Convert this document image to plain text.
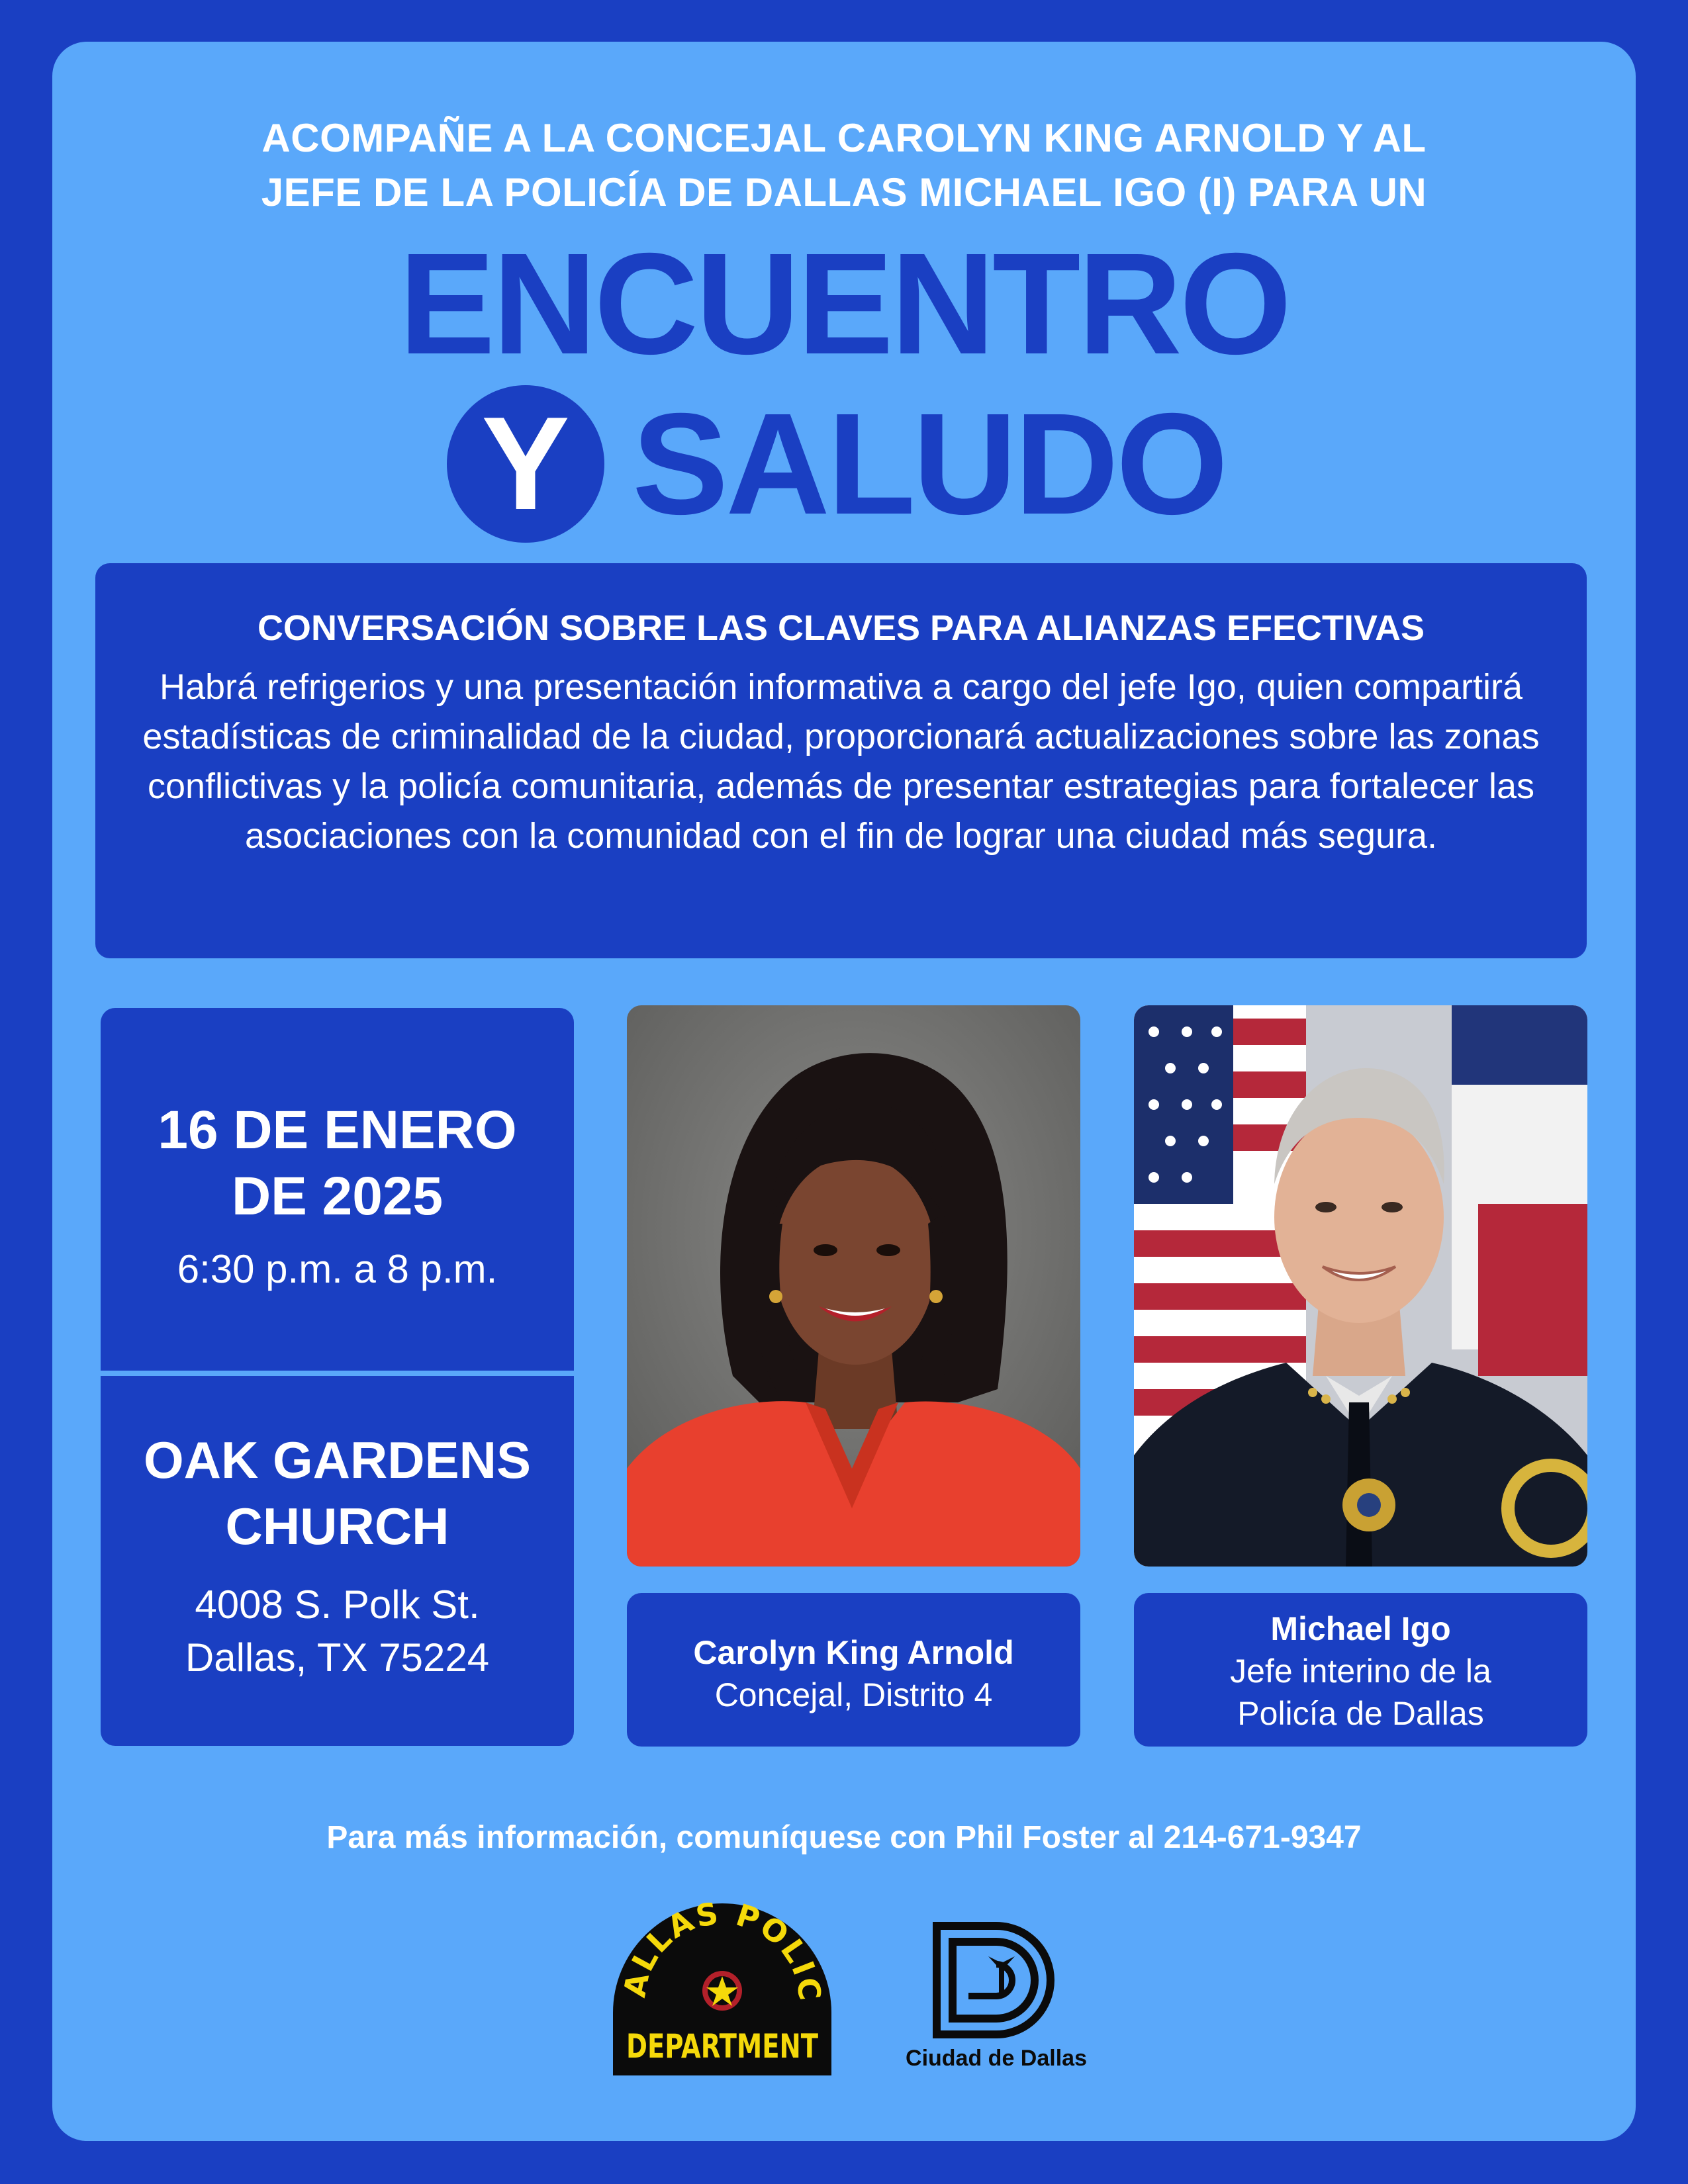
ACOMPAÑE A LA CONCEJAL CAROLYN KING ARNOLD Y AL
JEFE DE LA POLICÍA DE DALLAS MICHAEL IGO (I) PARA UN
ENCUENTRO
Y SALUDO
CONVERSACIÓN SOBRE LAS CLAVES PARA ALIANZAS EFECTIVAS
Habrá refrigerios y una presentación informativa a cargo del jefe Igo, quien compartirá estadísticas de criminalidad de la ciudad, proporcionará actualizaciones sobre las zonas conflictivas y la policía comunitaria, además de presentar estrategias para fortalecer las asociaciones con la comunidad con el fin de lograr una ciudad más segura.
16 DE ENERO
DE 2025
6:30 p.m. a 8 p.m.
OAK GARDENS
CHURCH
4008 S. Polk St.
Dallas, TX 75224	Carolyn King Arnold
Concejal, Distrito 4
Michael Igo
Jefe interino de la
Policía de Dallas
Para más información, comuníquese con Phil Foster al 214-671-9347
ALLAS POLIC
DEPARTMENT	Ciudad de Dallas
